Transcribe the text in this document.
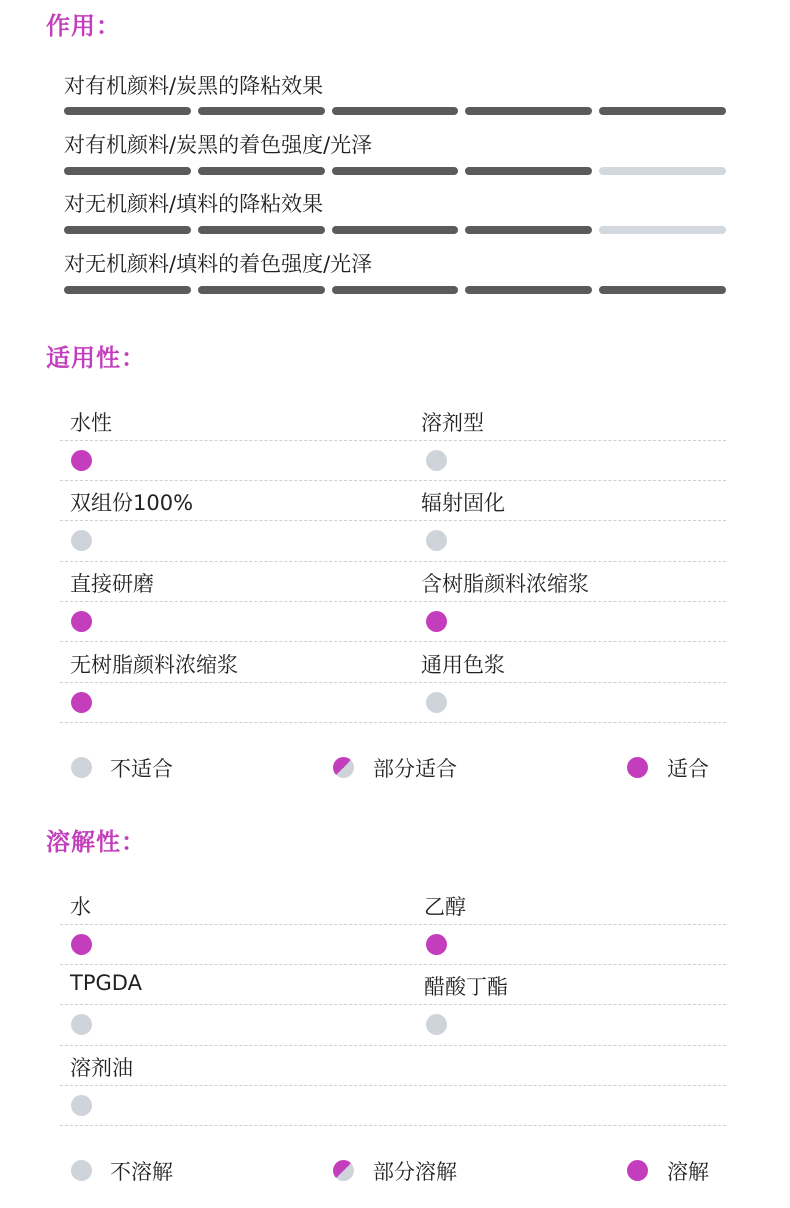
作用：
对有机颜料/炭黑的降粘效果
对有机颜料/炭黑的着色强度/光泽
对无机颜料/填料的降粘效果
对无机颜料/填料的着色强度/光泽
适用性：
水性	溶剂型
双组份100%	辐射固化
直接研磨	含树脂颜料浓缩浆
无树脂颜料浓缩浆	通用色浆
不适合	部分适合	适合
溶解性：
水	乙醇
TPGDA	醋酸丁酯
溶剂油
不溶解	部分溶解	溶解
